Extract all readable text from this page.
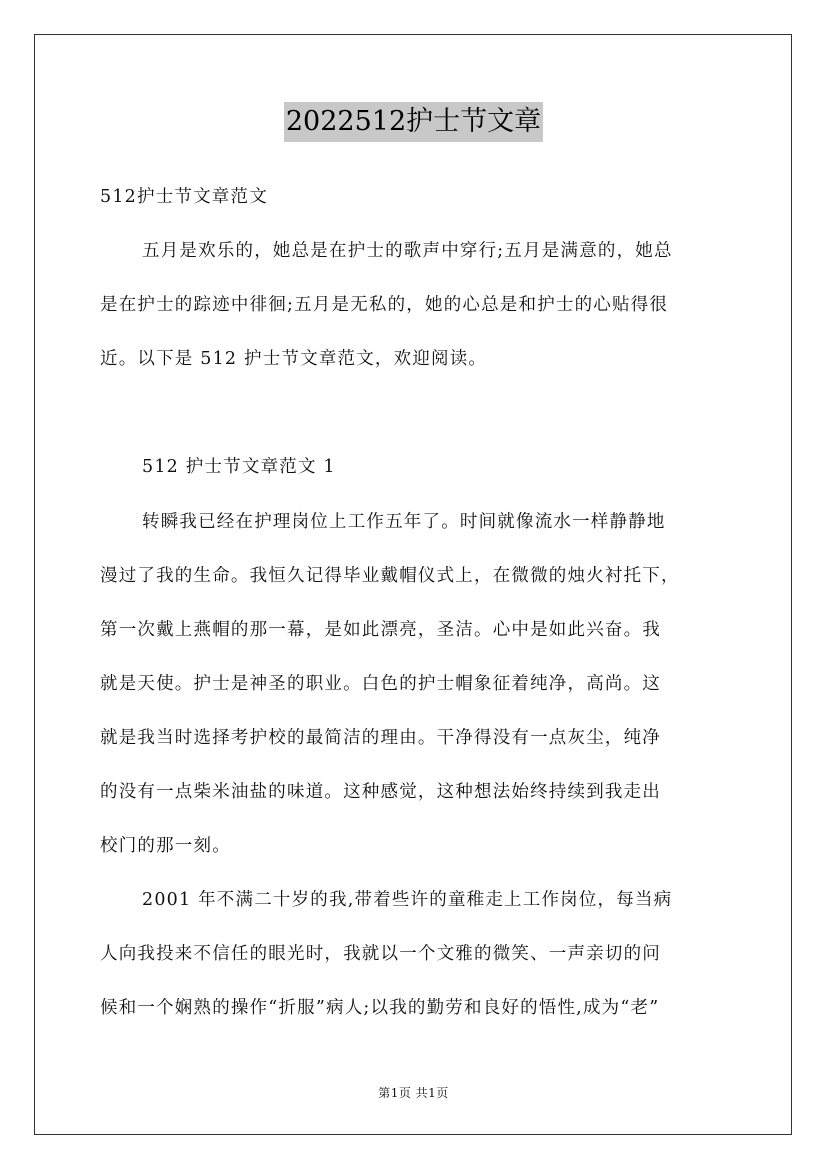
2022512护士节文章
512护士节文章范文
五月是欢乐的，她总是在护士的歌声中穿行;五月是满意的，她总
是在护士的踪迹中徘徊;五月是无私的，她的心总是和护士的心贴得很
近。以下是 512 护士节文章范文，欢迎阅读。
512 护士节文章范文 1
转瞬我已经在护理岗位上工作五年了。时间就像流水一样静静地
漫过了我的生命。我恒久记得毕业戴帽仪式上，在微微的烛火衬托下，
第一次戴上燕帽的那一幕，是如此漂亮，圣洁。心中是如此兴奋。我
就是天使。护士是神圣的职业。白色的护士帽象征着纯净，高尚。这
就是我当时选择考护校的最简洁的理由。干净得没有一点灰尘，纯净
的没有一点柴米油盐的味道。这种感觉，这种想法始终持续到我走出
校门的那一刻。
2001 年不满二十岁的我,带着些许的童稚走上工作岗位，每当病
人向我投来不信任的眼光时，我就以一个文雅的微笑、一声亲切的问
候和一个娴熟的操作“折服”病人;以我的勤劳和良好的悟性,成为“老”
第1页 共1页
